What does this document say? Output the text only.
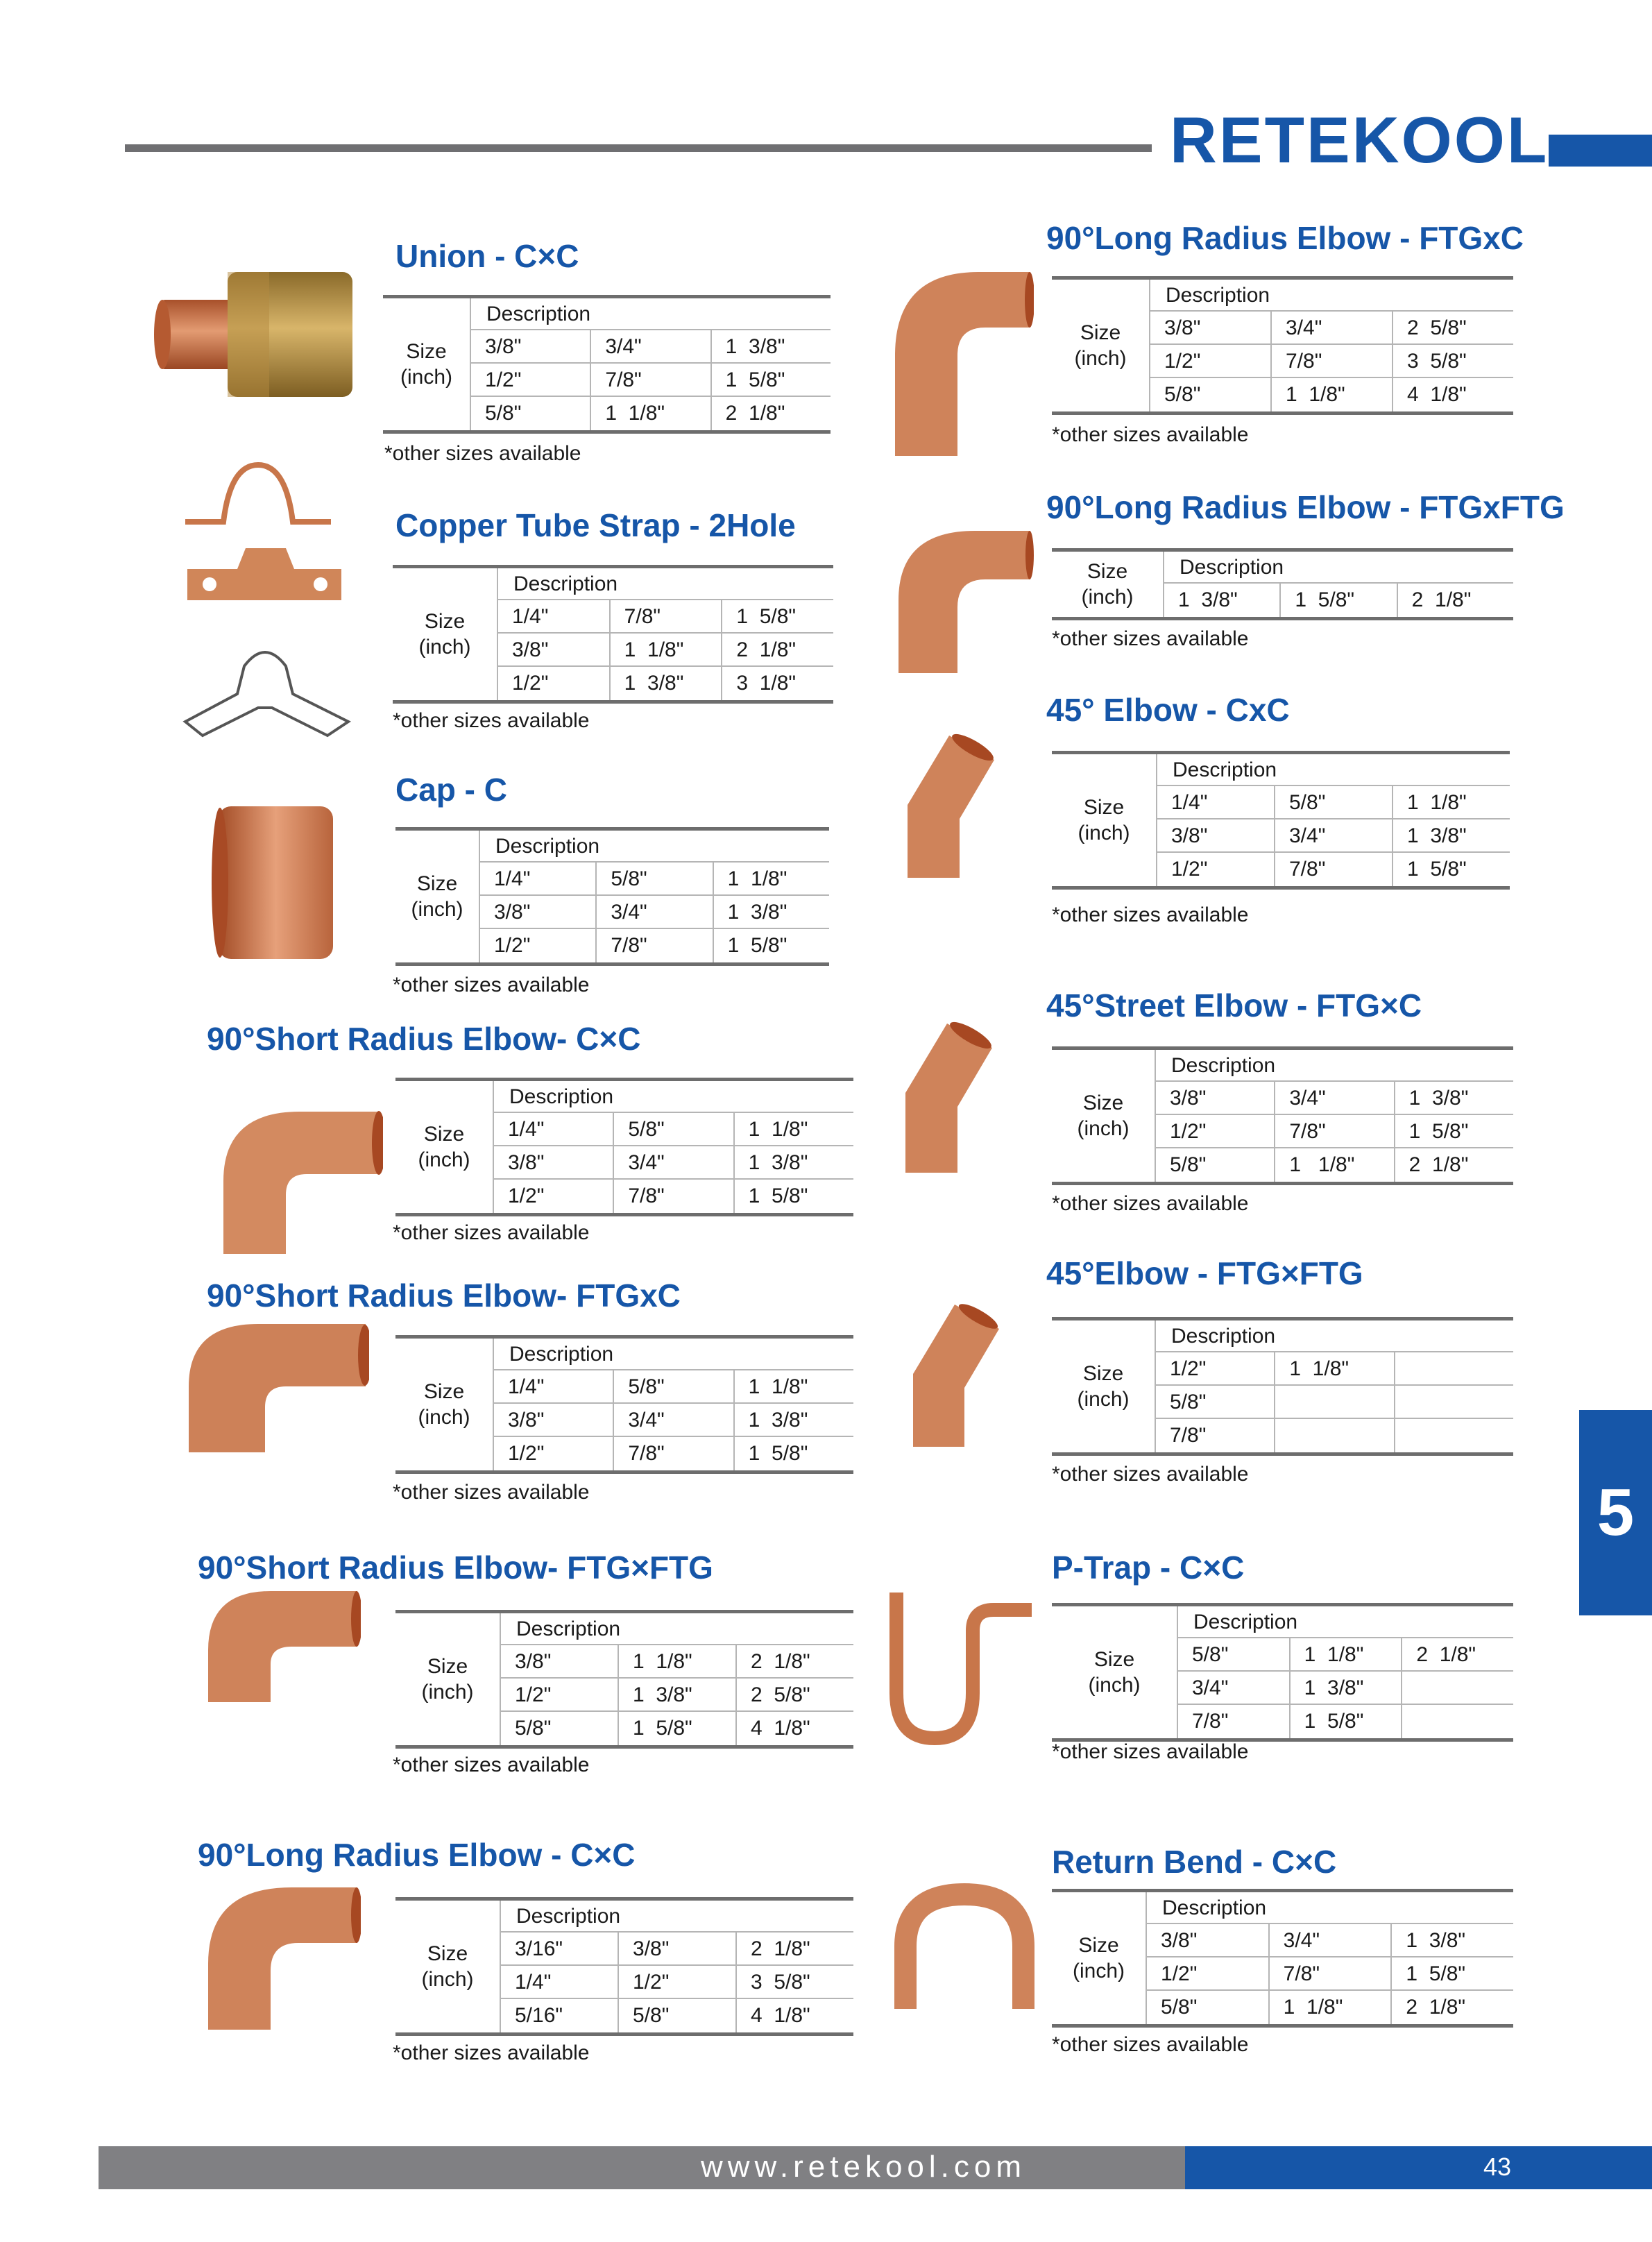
RETEKOOL
5
www.retekool.com	43
Union - C×C
Copper Tube Strap - 2Hole
Cap - C
90°Short Radius Elbow- C×C
90°Short Radius Elbow- FTGxC
90°Short Radius Elbow- FTG×FTG
90°Long Radius Elbow - C×C
90°Long Radius Elbow - FTGxC
90°Long Radius Elbow - FTGxFTG
45° Elbow - CxC
45°Street Elbow - FTG×C
45°Elbow - FTG×FTG
P-Trap - C×C
Return Bend - C×C
Size
(inch)
Description
3/8"	3/4"	1  3/8"
1/2"	7/8"	1  5/8"
5/8"	1  1/8"	2  1/8"
*other sizes available
Size
(inch)
Description
1/4"	7/8"	1  5/8"
3/8"	1  1/8"	2  1/8"
1/2"	1  3/8"	3  1/8"
*other sizes available
Size
(inch)
Description
1/4"	5/8"	1  1/8"
3/8"	3/4"	1  3/8"
1/2"	7/8"	1  5/8"
*other sizes available
Size
(inch)
Description
1/4"	5/8"	1  1/8"
3/8"	3/4"	1  3/8"
1/2"	7/8"	1  5/8"
*other sizes available
Size
(inch)
Description
1/4"	5/8"	1  1/8"
3/8"	3/4"	1  3/8"
1/2"	7/8"	1  5/8"
*other sizes available
Size
(inch)
Description
3/8"	1  1/8"	2  1/8"
1/2"	1  3/8"	2  5/8"
5/8"	1  5/8"	4  1/8"
*other sizes available
Size
(inch)
Description
3/16"	3/8"	2  1/8"
1/4"	1/2"	3  5/8"
5/16"	5/8"	4  1/8"
*other sizes available
Size
(inch)
Description
3/8"	3/4"	2  5/8"
1/2"	7/8"	3  5/8"
5/8"	1  1/8"	4  1/8"
*other sizes available
Size
(inch)
Description
1  3/8"	1  5/8"	2  1/8"
*other sizes available
Size
(inch)
Description
1/4"	5/8"	1  1/8"
3/8"	3/4"	1  3/8"
1/2"	7/8"	1  5/8"
*other sizes available
Size
(inch)
Description
3/8"	3/4"	1  3/8"
1/2"	7/8"	1  5/8"
5/8"	1   1/8"	2  1/8"
*other sizes available
Size
(inch)
Description
1/2"	1  1/8"
5/8"
7/8"
*other sizes available
Size
(inch)
Description
5/8"	1  1/8"	2  1/8"
3/4"	1  3/8"
7/8"	1  5/8"
*other sizes available
Size
(inch)
Description
3/8"	3/4"	1  3/8"
1/2"	7/8"	1  5/8"
5/8"	1  1/8"	2  1/8"
*other sizes available
